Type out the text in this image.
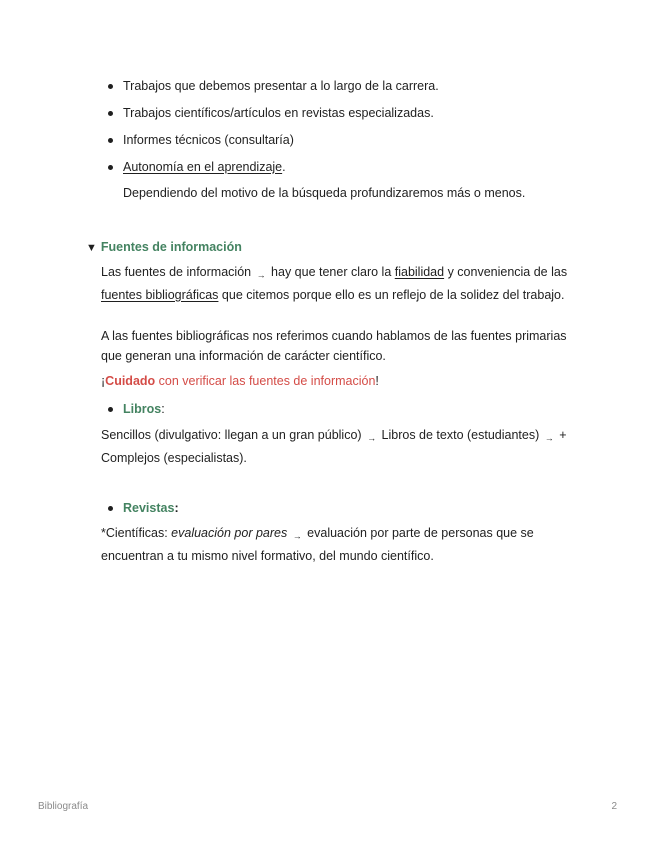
Trabajos que debemos presentar a lo largo de la carrera.
Trabajos científicos/artículos en revistas especializadas.
Informes técnicos (consultaría)
Autonomía en el aprendizaje.
Dependiendo del motivo de la búsqueda profundizaremos más o menos.
▼ Fuentes de información
Las fuentes de información → hay que tener claro la fiabilidad y conveniencia de las fuentes bibliográficas que citemos porque ello es un reflejo de la solidez del trabajo.
A las fuentes bibliográficas nos referimos cuando hablamos de las fuentes primarias que generan una información de carácter científico.
¡Cuidado con verificar las fuentes de información!
Libros:
Sencillos (divulgativo: llegan a un gran público) → Libros de texto (estudiantes) → + Complejos (especialistas).
Revistas:
*Científicas: evaluación por pares → evaluación por parte de personas que se encuentran a tu mismo nivel formativo, del mundo científico.
Bibliografía	2
